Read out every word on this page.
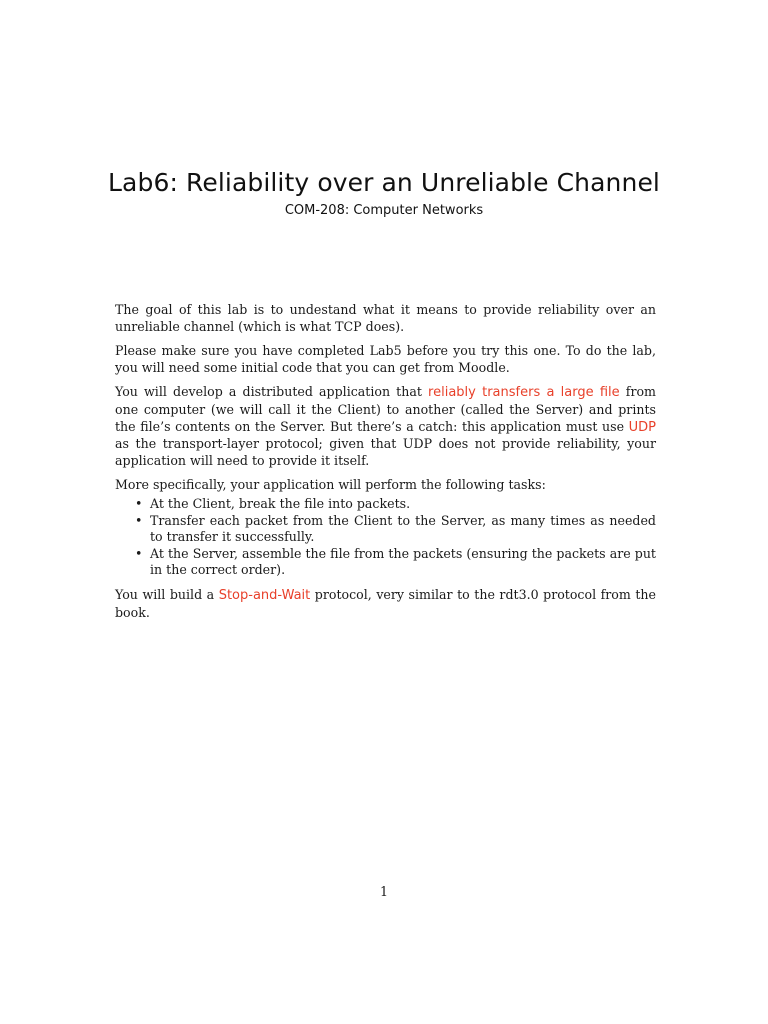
Lab6: Reliability over an Unreliable Channel
COM-208: Computer Networks

The goal of this lab is to undestand what it means to provide reliability over an unreliable channel (which is what TCP does).

Please make sure you have completed Lab5 before you try this one. To do the lab, you will need some initial code that you can get from Moodle.

You will develop a distributed application that reliably transfers a large file from one computer (we will call it the Client) to another (called the Server) and prints the file’s contents on the Server. But there’s a catch: this application must use UDP as the transport-layer protocol; given that UDP does not provide reliability, your application will need to provide it itself.

More specifically, your application will perform the following tasks:

• At the Client, break the file into packets.
• Transfer each packet from the Client to the Server, as many times as needed to transfer it successfully.
• At the Server, assemble the file from the packets (ensuring the packets are put in the correct order).

You will build a Stop-and-Wait protocol, very similar to the rdt3.0 protocol from the book.

1
